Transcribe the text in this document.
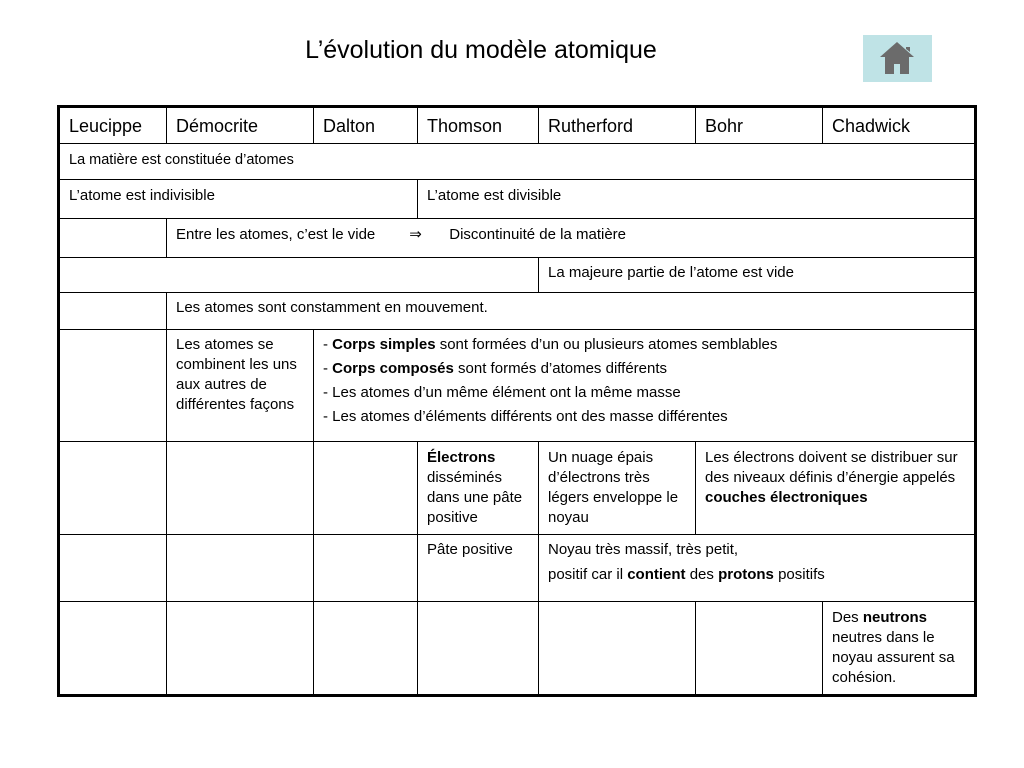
L’évolution du modèle atomique
Leucippe	Démocrite	Dalton	Thomson	Rutherford	Bohr	Chadwick
La matière est constituée d’atomes						
L’atome est indivisible			L’atome est divisible			
	Entre les atomes, c’est le vide ⇒ Discontinuité de la matière					
				La majeure partie de l’atome est vide		
	Les atomes sont constamment en mouvement.					
	Les atomes se combinent les uns aux autres de différentes façons	- Corps simples sont formées d’un ou plusieurs atomes semblables
- Corps composés sont formés d’atomes différents
- Les atomes d’un même élément ont la même masse
- Les atomes d’éléments différents ont des masse différentes				

			Électrons disséminés dans une pâte positive	Un nuage épais d’électrons très légers enveloppe le noyau	Les électrons doivent se distribuer sur des niveaux définis d’énergie appelés couches électroniques	
			Pâte positive	Noyau très massif, très petit,
positif car il contient des protons positifs		

						Des neutrons neutres dans le noyau assurent sa cohésion.
